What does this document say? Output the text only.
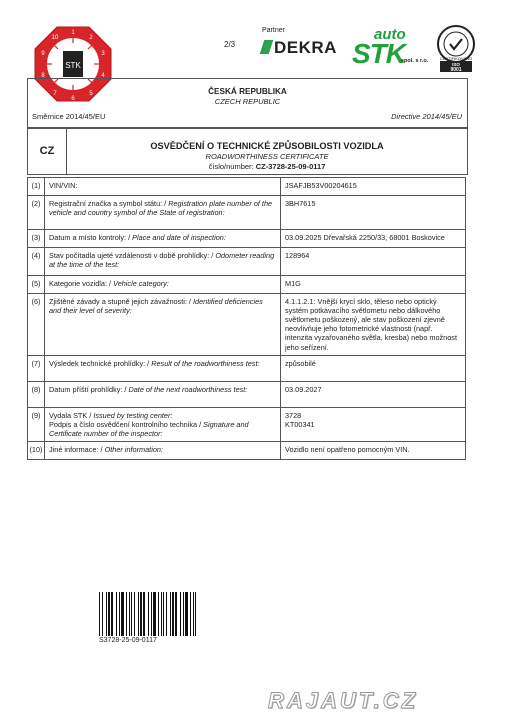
STK
1
2
3
4
5
6
7
8
9
10
2/3
Partner
DEKRA
auto
STK
spol. s r.o.	CERTIFIKOVÁNO
ISO
9001
ČESKÁ REPUBLIKA
CZECH REPUBLIC
Směrnice 2014/45/EU	Directive 2014/45/EU
CZ	OSVĚDČENÍ O TECHNICKÉ ZPŮSOBILOSTI VOZIDLA
ROADWORTHINESS CERTIFICATE
číslo/number: CZ-3728-25-09-0117
(1)	VIN/VIN:	JSAFJB53V00204615
(2)	Registrační značka a symbol státu: / Registration plate number of the vehicle and country symbol of the State of registration:	3BH7615
(3)	Datum a místo kontroly: / Place and date of inspection:	03.09.2025 Dřevařská 2250/33, 68001 Boskovice
(4)	Stav počítadla ujeté vzdálenosti v době prohlídky: / Odometer reading at the time of the test:	128964
(5)	Kategorie vozidla: / Vehicle category:	M1G
(6)	Zjištěné závady a stupně jejich závažnosti: / Identified deficiencies and their level of severity:	4.1.1.2.1: Vnější krycí sklo, těleso nebo optický systém potkávacího světlometu nebo dálkového světlometu poškozený, ale stav poškození zjevně neovlivňuje jeho fotometrické vlastnosti (např. intenzita vyzařovaného světla, kresba) nebo možnost jeho seřízení.
(7)	Výsledek technické prohlídky: / Result of the roadworthiness test:	způsobilé
(8)	Datum příští prohlídky: / Date of the next roadworthiness test:	03.09.2027
(9)	Vydala STK / Issued by testing center:
Podpis a číslo osvědčení kontrolního technika / Signature and Certificate number of the inspector:	3728
KT00341
(10)	Jiné informace: / Other information:	Vozidlo není opatřeno pomocným VIN.
S3728-25-09-0117
RAJAUT.CZ
